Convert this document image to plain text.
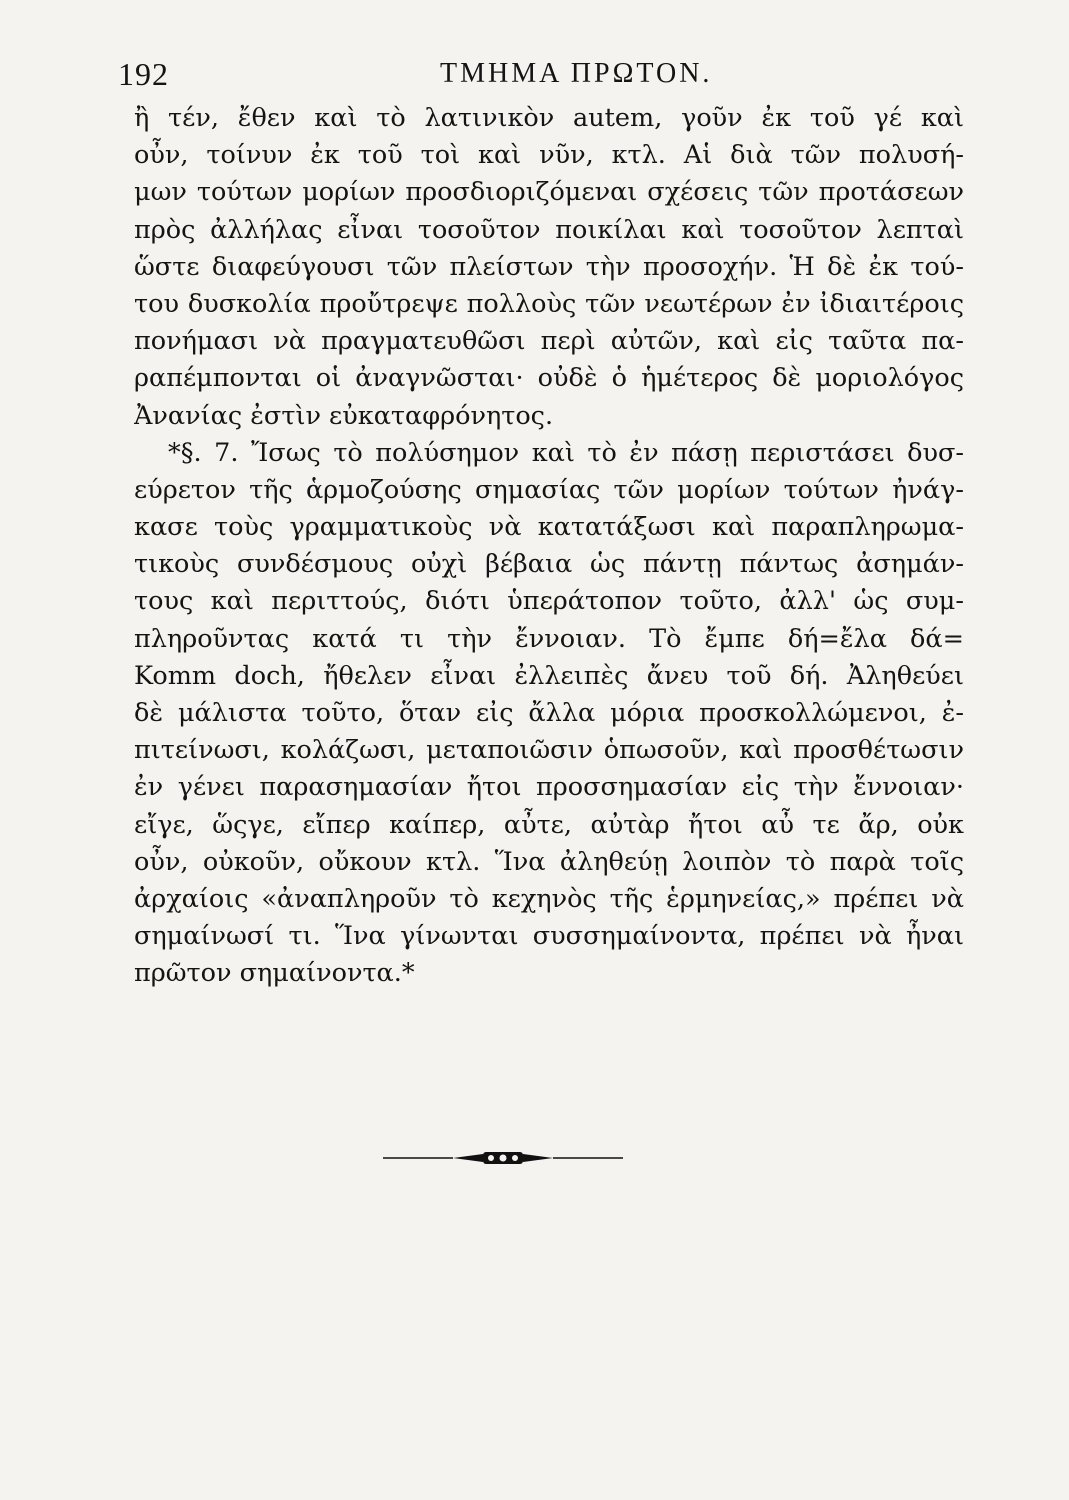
192	ΤΜΗΜΑ ΠΡΩΤΟΝ.
ἢ τέν, ἔθεν καὶ τὸ λατινικὸν autem, γοῦν ἐκ τοῦ γέ καὶ
οὖν, τοίνυν ἐκ τοῦ τοὶ καὶ νῦν, κτλ. Αἱ διὰ τῶν πολυσή-
μων τούτων μορίων προσδιοριζόμεναι σχέσεις τῶν προτάσεων
πρὸς ἀλλήλας εἶναι τοσοῦτον ποικίλαι καὶ τοσοῦτον λεπταὶ
ὥστε διαφεύγουσι τῶν πλείστων τὴν προσοχήν. Ἡ δὲ ἐκ τού-
του δυσκολία προὔτρεψε πολλοὺς τῶν νεωτέρων ἐν ἰδιαιτέροις
πονήμασι νὰ πραγματευθῶσι περὶ αὐτῶν, καὶ εἰς ταῦτα πα-
ραπέμπονται οἱ ἀναγνῶσται· οὐδὲ ὁ ἡμέτερος δὲ μοριολόγος
Ἀνανίας ἐστὶν εὐκαταφρόνητος.
*§. 7. Ἴσως τὸ πολύσημον καὶ τὸ ἐν πάσῃ περιστάσει δυσ-
εύρετον τῆς ἁρμοζούσης σημασίας τῶν μορίων τούτων ἠνάγ-
κασε τοὺς γραμματικοὺς νὰ κατατάξωσι καὶ παραπληρωμα-
τικοὺς συνδέσμους οὐχὶ βέβαια ὡς πάντῃ πάντως ἀσημάν-
τους καὶ περιττούς, διότι ὑπεράτοπον τοῦτο, ἀλλ' ὡς συμ-
πληροῦντας κατά τι τὴν ἔννοιαν. Τὸ ἔμπε δή=ἔλα δά=
Komm doch, ἤθελεν εἶναι ἐλλειπὲς ἄνευ τοῦ δή. Ἀληθεύει
δὲ μάλιστα τοῦτο, ὅταν εἰς ἄλλα μόρια προσκολλώμενοι, ἐ-
πιτείνωσι, κολάζωσι, μεταποιῶσιν ὁπωσοῦν, καὶ προσθέτωσιν
ἐν γένει παρασημασίαν ἤτοι προσσημασίαν εἰς τὴν ἔννοιαν·
εἴγε, ὥςγε, εἴπερ καίπερ, αὖτε, αὐτὰρ ἤτοι αὖ τε ἄρ, οὐκ
οὖν, οὐκοῦν, οὔκουν κτλ. Ἵνα ἀληθεύῃ λοιπὸν τὸ παρὰ τοῖς
ἀρχαίοις «ἀναπληροῦν τὸ κεχηνὸς τῆς ἑρμηνείας,» πρέπει νὰ
σημαίνωσί τι. Ἵνα γίνωνται συσσημαίνοντα, πρέπει νὰ ἦναι
πρῶτον σημαίνοντα.*
